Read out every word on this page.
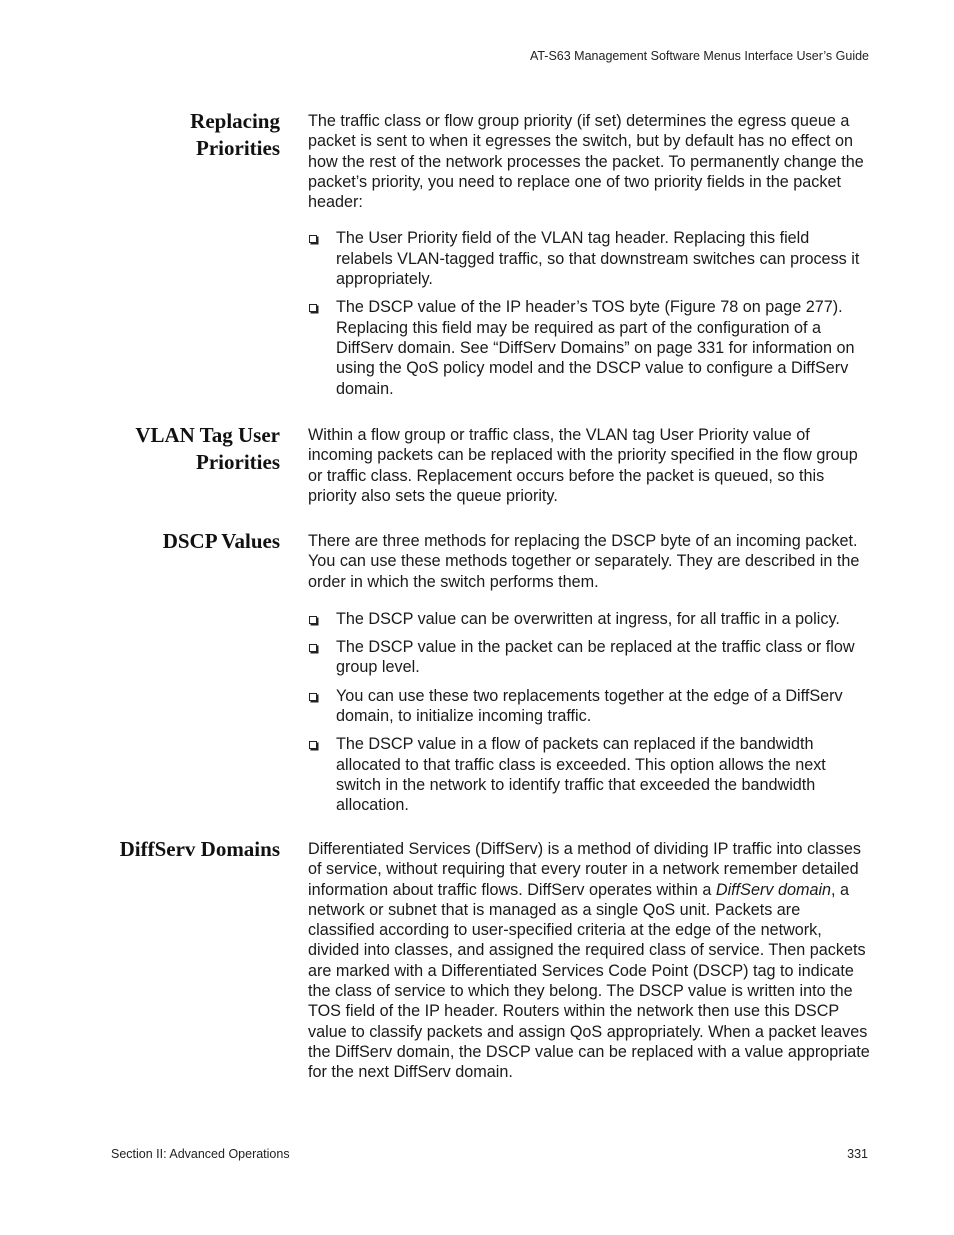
AT-S63 Management Software Menus Interface User’s Guide
Replacing
Priorities

The traffic class or flow group priority (if set) determines the egress queue a packet is sent to when it egresses the switch, but by default has no effect on how the rest of the network processes the packet. To permanently change the packet’s priority, you need to replace one of two priority fields in the packet header:

The User Priority field of the VLAN tag header. Replacing this field relabels VLAN-tagged traffic, so that downstream switches can process it appropriately.
The DSCP value of the IP header’s TOS byte (Figure 78 on page 277). Replacing this field may be required as part of the configuration of a DiffServ domain. See “DiffServ Domains” on page 331 for information on using the QoS policy model and the DSCP value to configure a DiffServ domain.
VLAN Tag User
Priorities

Within a flow group or traffic class, the VLAN tag User Priority value of incoming packets can be replaced with the priority specified in the flow group or traffic class. Replacement occurs before the packet is queued, so this priority also sets the queue priority.

DSCP Values There are three methods for replacing the DSCP byte of an incoming packet. You can use these methods together or separately. They are described in the order in which the switch performs them.

The DSCP value can be overwritten at ingress, for all traffic in a policy.
The DSCP value in the packet can be replaced at the traffic class or flow group level.
You can use these two replacements together at the edge of a DiffServ domain, to initialize incoming traffic.
The DSCP value in a flow of packets can replaced if the bandwidth allocated to that traffic class is exceeded. This option allows the next switch in the network to identify traffic that exceeded the bandwidth allocation.
DiffServ Domains Differentiated Services (DiffServ) is a method of dividing IP traffic into classes of service, without requiring that every router in a network remember detailed information about traffic flows. DiffServ operates within a DiffServ domain, a network or subnet that is managed as a single QoS unit. Packets are classified according to user-specified criteria at the edge of the network, divided into classes, and assigned the required class of service. Then packets are marked with a Differentiated Services Code Point (DSCP) tag to indicate the class of service to which they belong. The DSCP value is written into the TOS field of the IP header. Routers within the network then use this DSCP value to classify packets and assign QoS appropriately. When a packet leaves the DiffServ domain, the DSCP value can be replaced with a value appropriate for the next DiffServ domain.

Section II: Advanced Operations	331
